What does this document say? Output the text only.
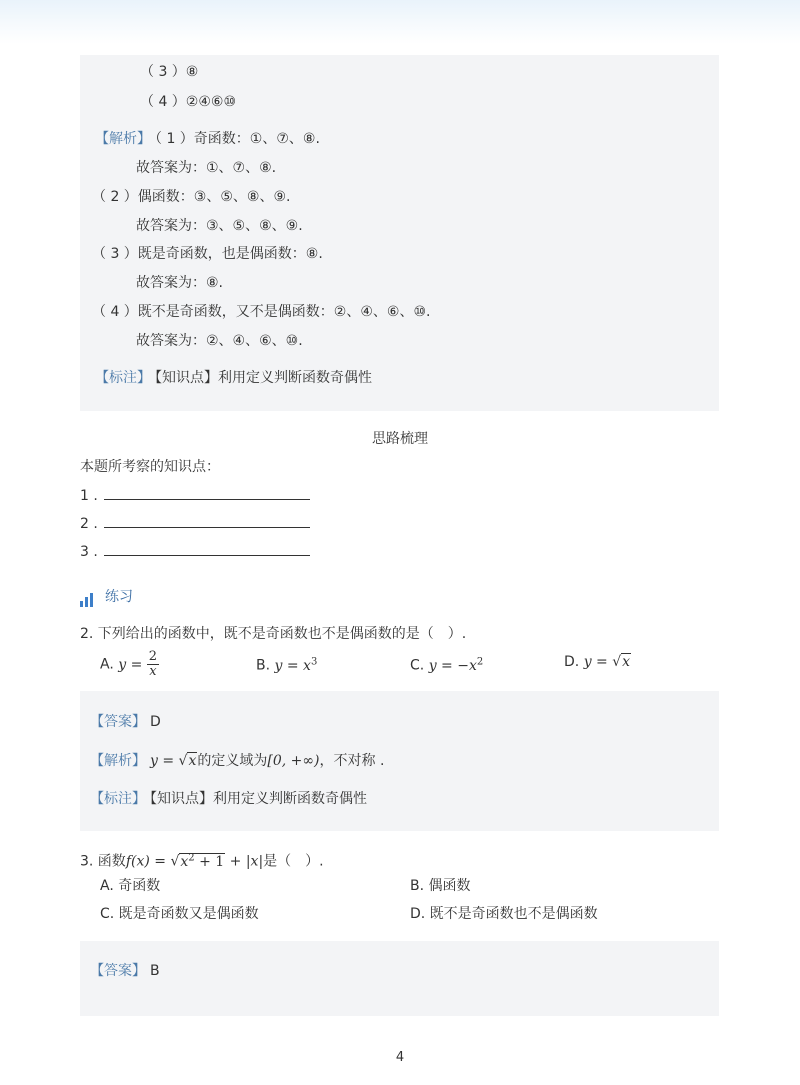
（ 3 ）⑧
（ 4 ）②④⑥⑩
【解析】 （ 1 ）奇函数：①、⑦、⑧.
故答案为：①、⑦、⑧.
（ 2 ）偶函数：③、⑤、⑧、⑨.
故答案为：③、⑤、⑧、⑨.
（ 3 ）既是奇函数，也是偶函数：⑧.
故答案为：⑧.
（ 4 ）既不是奇函数，又不是偶函数：②、④、⑥、⑩.
故答案为：②、④、⑥、⑩.
【标注】 【知识点】利用定义判断函数奇偶性
思路梳理
本题所考察的知识点：
1 .
2 .
3 .
练习
2. 下列给出的函数中，既不是奇函数也不是偶函数的是（　）.
A. $y = \frac{2}{x}$	B. $y = x^3$	C. $y = -x^2$	D. y = √x
【答案】 D
【解析】 y = √x的定义域为[0, +∞)，不对称 .
【标注】 【知识点】利用定义判断函数奇偶性
3. 函数$f(x) = √x^2 + 1 + |x|$是（　）.
A. 奇函数	B. 偶函数
C. 既是奇函数又是偶函数	D. 既不是奇函数也不是偶函数
【答案】 B
4
